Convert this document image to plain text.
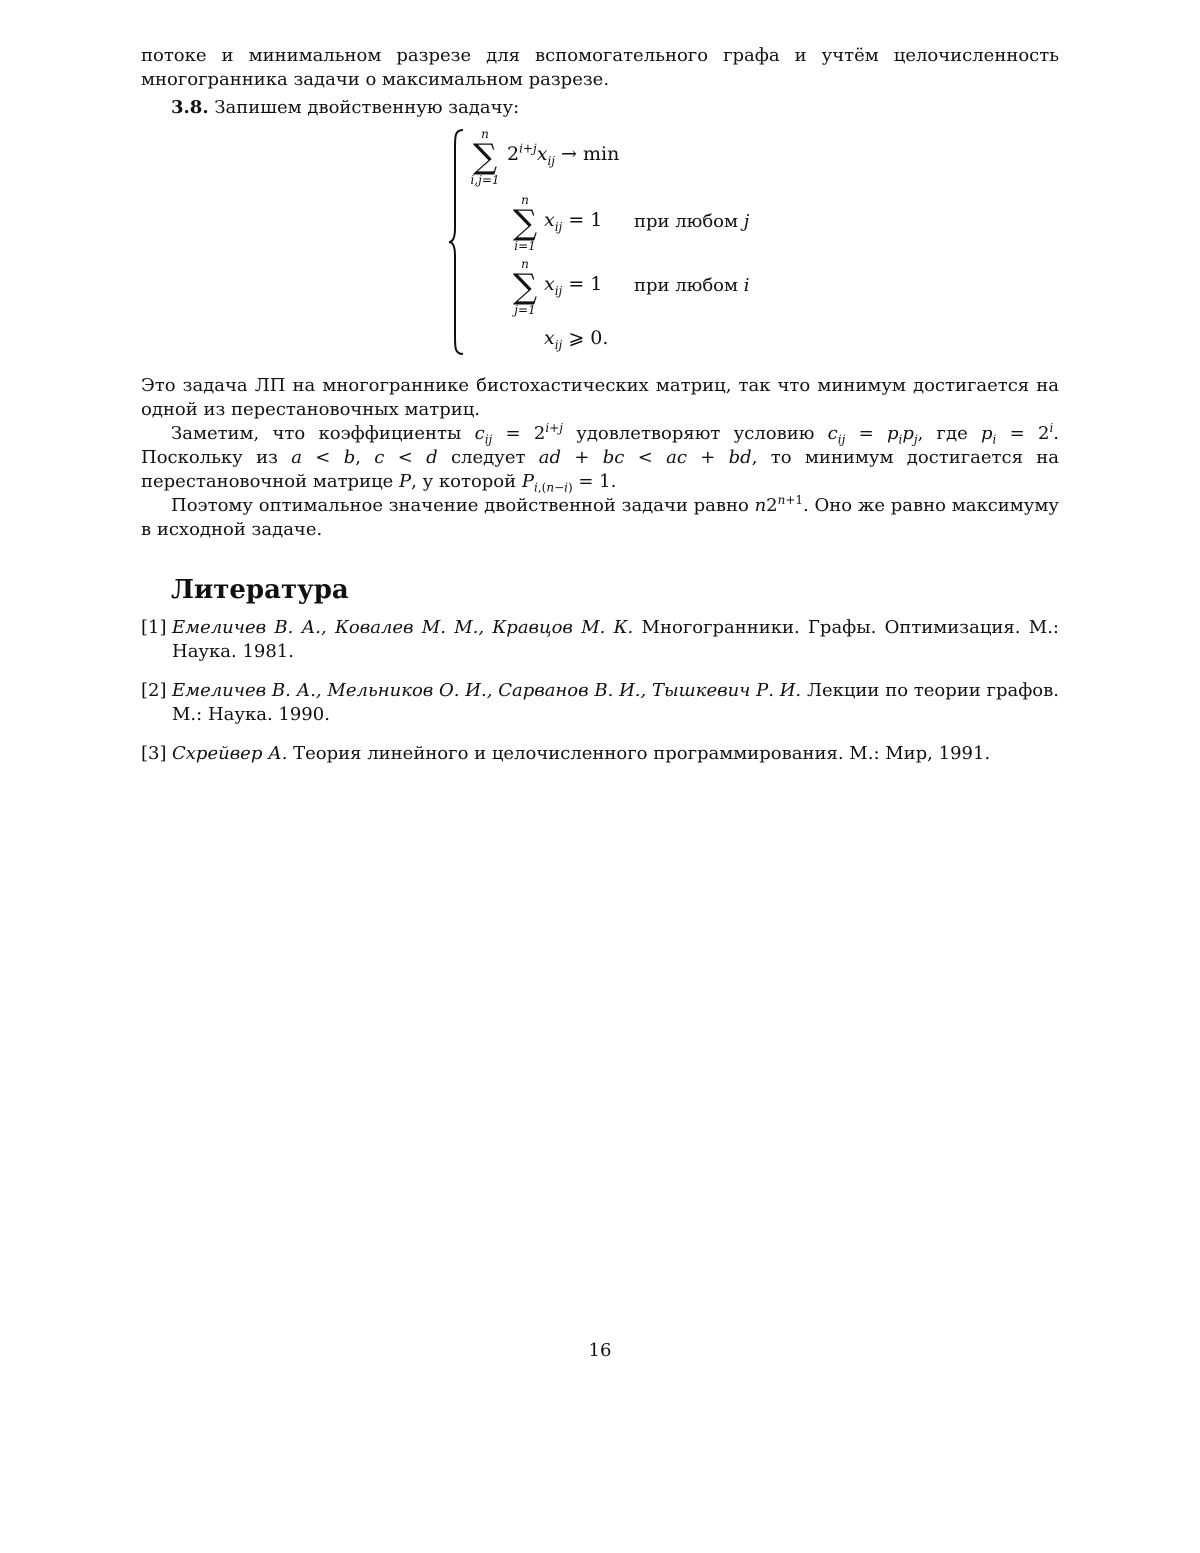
потоке и минимальном разрезе для вспомогательного графа и учтём целочисленность многогранника задачи о максимальном разрезе.

3.8. Запишем двойственную задачу:

n
∑
i,j=1
2i+jxij → min
n
∑
i=1
xij = 1 при любом j
n
∑
j=1
xij = 1 при любом i
xij ⩾ 0.

Это задача ЛП на многограннике бистохастических матриц, так что минимум достигается на одной из перестановочных матриц.

Заметим, что коэффициенты cij = 2i+j удовлетворяют условию cij = pipj, где pi = 2i. Поскольку из a < b, c < d следует ad + bc < ac + bd, то минимум достигается на перестановочной матрице P, у которой Pi,(n−i) = 1.

Поэтому оптимальное значение двойственной задачи равно n2n+1. Оно же равно максимуму в исходной задаче.

Литература

[1] Емеличев В. А., Ковалев М. М., Кравцов М. К. Многогранники. Графы. Оптимизация. М.: Наука. 1981.

[2] Емеличев В. А., Мельников О. И., Сарванов В. И., Тышкевич Р. И. Лекции по теории графов. М.: Наука. 1990.

[3] Схрейвер А. Теория линейного и целочисленного программирования. М.: Мир, 1991.

16
